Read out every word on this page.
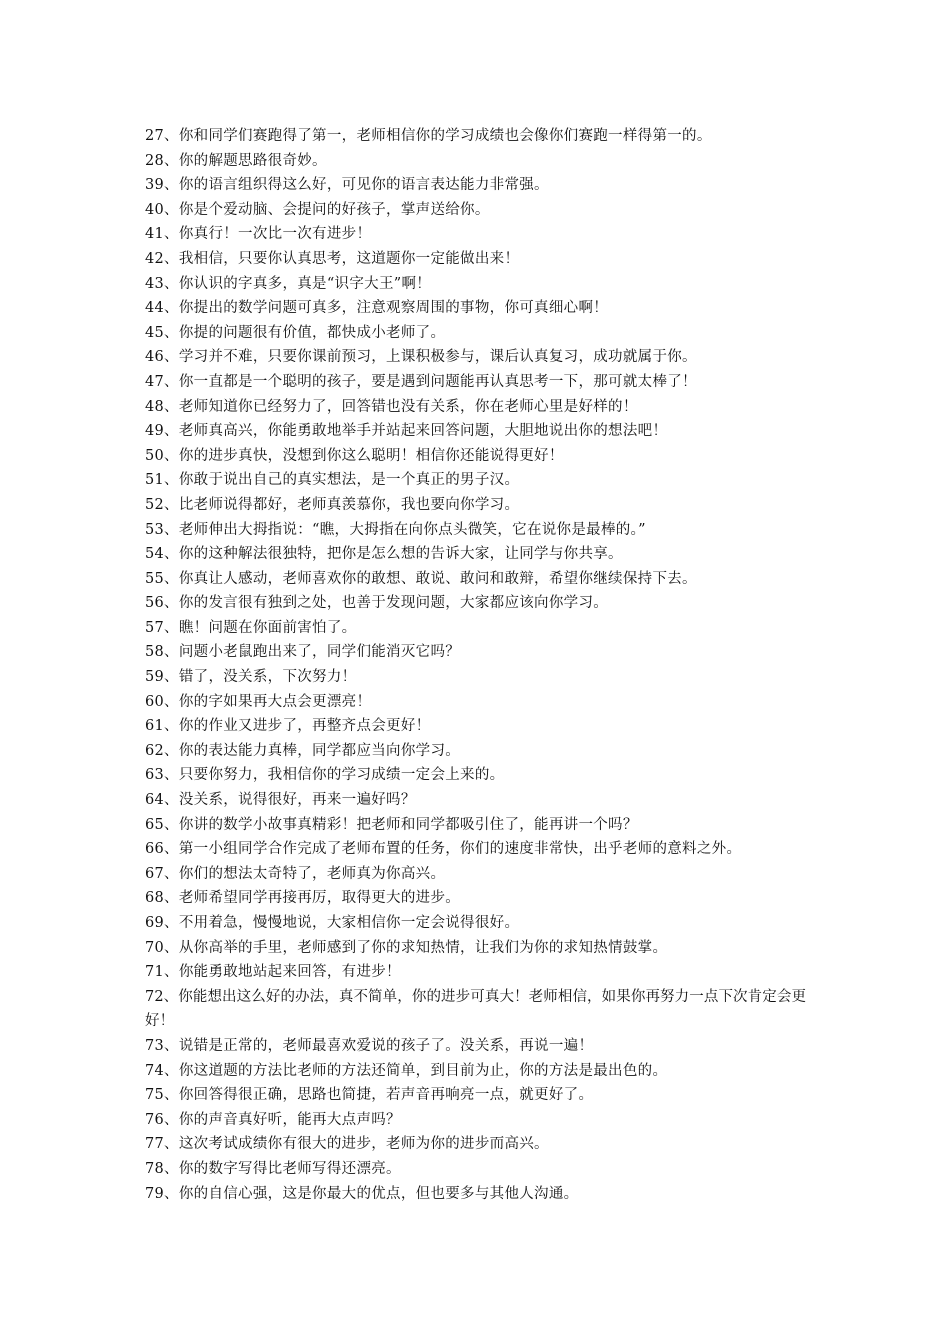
27、你和同学们赛跑得了第一，老师相信你的学习成绩也会像你们赛跑一样得第一的。
28、你的解题思路很奇妙。
39、你的语言组织得这么好，可见你的语言表达能力非常强。
40、你是个爱动脑、会提问的好孩子，掌声送给你。
41、你真行！一次比一次有进步！
42、我相信，只要你认真思考，这道题你一定能做出来！
43、你认识的字真多，真是“识字大王”啊！
44、你提出的数学问题可真多，注意观察周围的事物，你可真细心啊！
45、你提的问题很有价值，都快成小老师了。
46、学习并不难，只要你课前预习，上课积极参与，课后认真复习，成功就属于你。
47、你一直都是一个聪明的孩子，要是遇到问题能再认真思考一下，那可就太棒了！
48、老师知道你已经努力了，回答错也没有关系，你在老师心里是好样的！
49、老师真高兴，你能勇敢地举手并站起来回答问题，大胆地说出你的想法吧！
50、你的进步真快，没想到你这么聪明！相信你还能说得更好！
51、你敢于说出自己的真实想法，是一个真正的男子汉。
52、比老师说得都好，老师真羡慕你，我也要向你学习。
53、老师伸出大拇指说：“瞧，大拇指在向你点头微笑，它在说你是最棒的。”
54、你的这种解法很独特，把你是怎么想的告诉大家，让同学与你共享。
55、你真让人感动，老师喜欢你的敢想、敢说、敢问和敢辩，希望你继续保持下去。
56、你的发言很有独到之处，也善于发现问题，大家都应该向你学习。
57、瞧！问题在你面前害怕了。
58、问题小老鼠跑出来了，同学们能消灭它吗？
59、错了，没关系，下次努力！
60、你的字如果再大点会更漂亮！
61、你的作业又进步了，再整齐点会更好！
62、你的表达能力真棒，同学都应当向你学习。
63、只要你努力，我相信你的学习成绩一定会上来的。
64、没关系，说得很好，再来一遍好吗？
65、你讲的数学小故事真精彩！把老师和同学都吸引住了，能再讲一个吗？
66、第一小组同学合作完成了老师布置的任务，你们的速度非常快，出乎老师的意料之外。
67、你们的想法太奇特了，老师真为你高兴。
68、老师希望同学再接再厉，取得更大的进步。
69、不用着急，慢慢地说，大家相信你一定会说得很好。
70、从你高举的手里，老师感到了你的求知热情，让我们为你的求知热情鼓掌。
71、你能勇敢地站起来回答，有进步！
72、你能想出这么好的办法，真不简单，你的进步可真大！老师相信，如果你再努力一点下次肯定会更好！
73、说错是正常的，老师最喜欢爱说的孩子了。没关系，再说一遍！
74、你这道题的方法比老师的方法还简单，到目前为止，你的方法是最出色的。
75、你回答得很正确，思路也简捷，若声音再响亮一点，就更好了。
76、你的声音真好听，能再大点声吗？
77、这次考试成绩你有很大的进步，老师为你的进步而高兴。
78、你的数字写得比老师写得还漂亮。
79、你的自信心强，这是你最大的优点，但也要多与其他人沟通。
